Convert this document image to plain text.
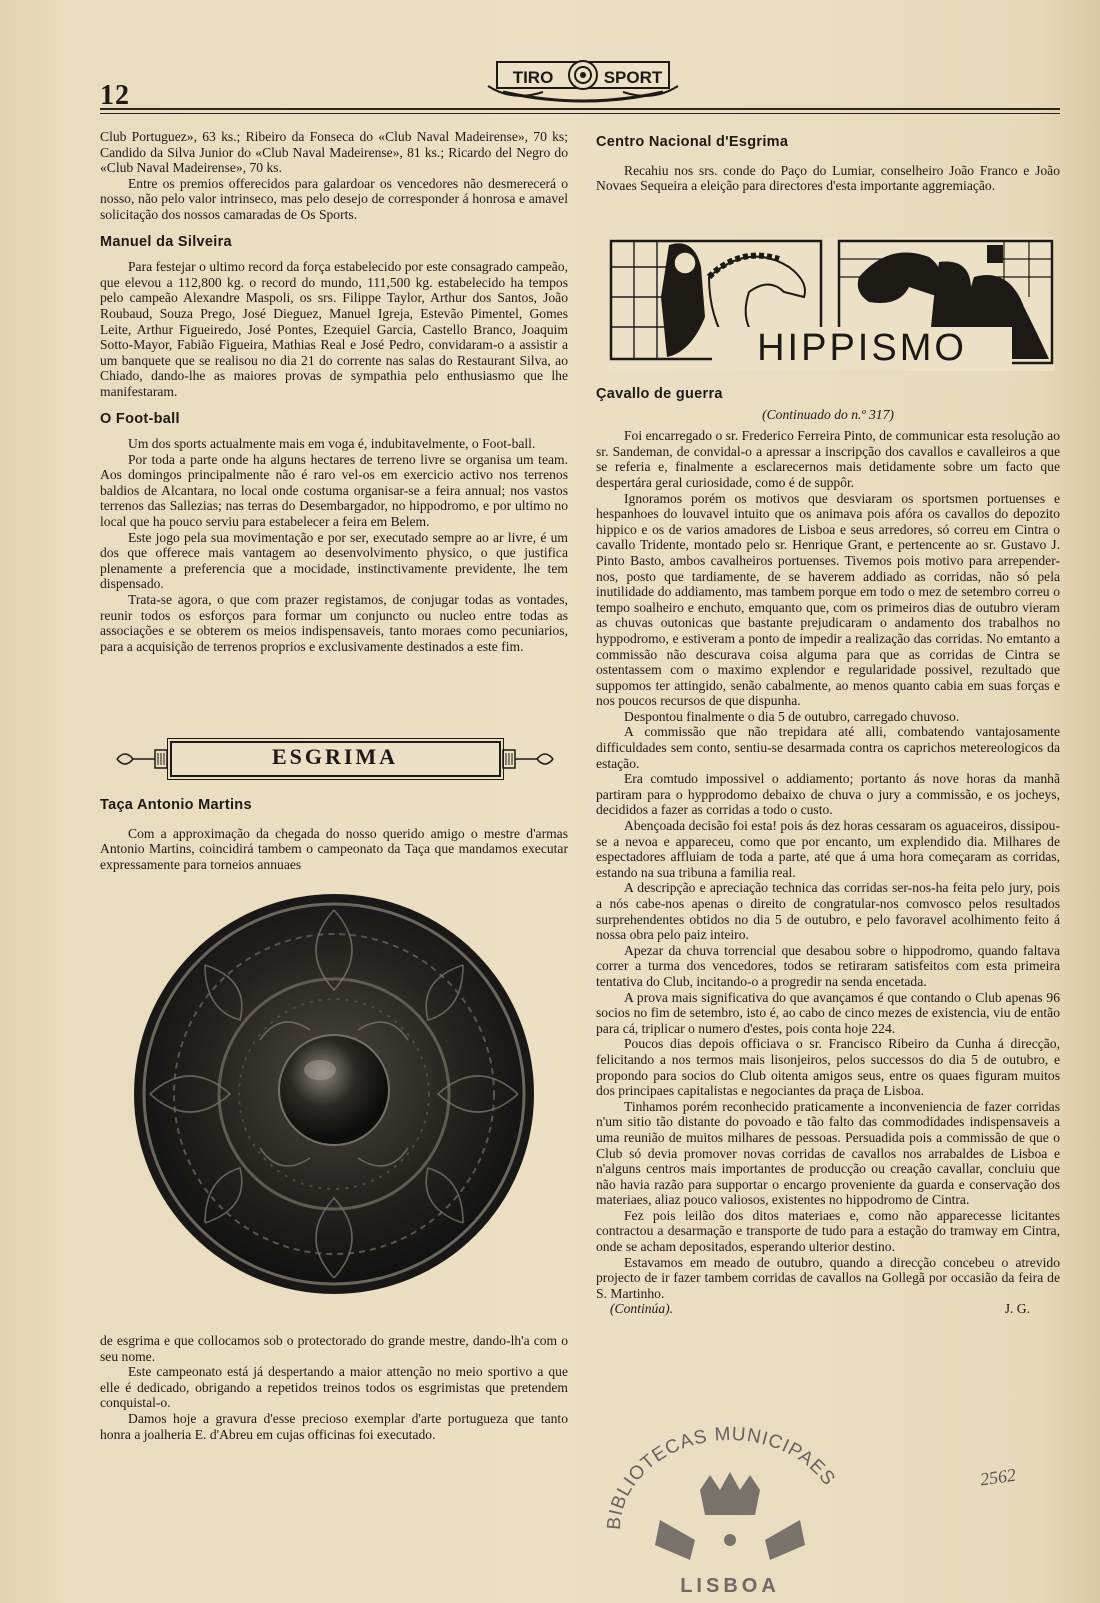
12
TIRO	SPORT

Club Portuguez», 63 ks.; Ribeiro da Fonseca do «Club Naval Madeirense», 70 ks; Candido da Silva Junior do «Club Naval Madeirense», 81 ks.; Ricardo del Negro do «Club Naval Madeirense», 70 ks.

Entre os premios offerecidos para galardoar os vencedores não desmerecerá o nosso, não pelo valor intrinseco, mas pelo desejo de corresponder á honrosa e amavel solicitação dos nossos camaradas de Os Sports.

Manuel da Silveira

Para festejar o ultimo record da força estabelecido por este consagrado campeão, que elevou a 112,800 kg. o record do mundo, 111,500 kg. estabelecido ha tempos pelo campeão Alexandre Maspoli, os srs. Filippe Taylor, Arthur dos Santos, João Roubaud, Souza Prego, José Dieguez, Manuel Igreja, Estevão Pimentel, Gomes Leite, Arthur Figueiredo, José Pontes, Ezequiel Garcia, Castello Branco, Joaquim Sotto-Mayor, Fabião Figueira, Mathias Real e José Pedro, convidaram-o a assistir a um banquete que se realisou no dia 21 do corrente nas salas do Restaurant Silva, ao Chiado, dando-lhe as maiores provas de sympathia pelo enthusiasmo que lhe manifestaram.

O Foot-ball

Um dos sports actualmente mais em voga é, indubitavelmente, o Foot-ball.

Por toda a parte onde ha alguns hectares de terreno livre se organisa um team. Aos domingos principalmente não é raro vel-os em exercicio activo nos terrenos baldios de Alcantara, no local onde costuma organisar-se a feira annual; nos vastos terrenos das Sallezias; nas terras do Desembargador, no hippodromo, e por ultimo no local que ha pouco serviu para estabelecer a feira em Belem.

Este jogo pela sua movimentação e por ser, executado sempre ao ar livre, é um dos que offerece mais vantagem ao desenvolvimento physico, o que justifica plenamente a preferencia que a mocidade, instinctivamente previdente, lhe tem dispensado.

Trata-se agora, o que com prazer registamos, de conjugar todas as vontades, reunir todos os esforços para formar um conjuncto ou nucleo entre todas as associações e se obterem os meios indispensaveis, tanto moraes como pecuniarios, para a acquisição de terrenos proprios e exclusivamente destinados a este fim.

ESGRIMA
Taça Antonio Martins

Com a approximação da chegada do nosso querido amigo o mestre d'armas Antonio Martins, coincidirá tambem o campeonato da Taça que mandamos executar expressamente para torneios annuaes

de esgrima e que collocamos sob o protectorado do grande mestre, dando-lh'a com o seu nome.

Este campeonato está já despertando a maior attenção no meio sportivo a que elle é dedicado, obrigando a repetidos treinos todos os esgrimistas que pretendem conquistal-o.

Damos hoje a gravura d'esse precioso exemplar d'arte portugueza que tanto honra a joalheria E. d'Abreu em cujas officinas foi executado.

Centro Nacional d'Esgrima

Recahiu nos srs. conde do Paço do Lumiar, conselheiro João Franco e João Novaes Sequeira a eleição para directores d'esta importante aggremiação.

HIPPISMO
Çavallo de guerra
(Continuado do n.º 317)

Foi encarregado o sr. Frederico Ferreira Pinto, de communicar esta resolução ao sr. Sandeman, de convidal-o a apressar a inscripção dos cavallos e cavalleiros a que se referia e, finalmente a esclarecernos mais detidamente sobre um facto que despertára geral curiosidade, como é de suppôr.

Ignoramos porém os motivos que desviaram os sportsmen portuenses e hespanhoes do louvavel intuito que os animava pois afóra os cavallos do depozito hippico e os de varios amadores de Lisboa e seus arredores, só correu em Cintra o cavallo Tridente, montado pelo sr. Henrique Grant, e pertencente ao sr. Gustavo J. Pinto Basto, ambos cavalheiros portuenses. Tivemos pois motivo para arrepender-nos, posto que tardiamente, de se haverem addiado as corridas, não só pela inutilidade do addiamento, mas tambem porque em todo o mez de setembro correu o tempo soalheiro e enchuto, emquanto que, com os primeiros dias de outubro vieram as chuvas outonicas que bastante prejudicaram o andamento dos trabalhos no hyppodromo, e estiveram a ponto de impedir a realização das corridas. No emtanto a commissão não descurava coisa alguma para que as corridas de Cintra se ostentassem com o maximo explendor e regularidade possivel, rezultado que suppomos ter attingido, senão cabalmente, ao menos quanto cabia em suas forças e nos poucos recursos de que dispunha.

Despontou finalmente o dia 5 de outubro, carregado chuvoso.

A commissão que não trepidara até alli, combatendo vantajosamente difficuldades sem conto, sentiu-se desarmada contra os caprichos metereologicos da estação.

Era comtudo impossivel o addiamento; portanto ás nove horas da manhã partiram para o hypprodomo debaixo de chuva o jury a commissão, e os jocheys, decididos a fazer as corridas a todo o custo.

Abençoada decisão foi esta! pois ás dez horas cessaram os aguaceiros, dissipou-se a nevoa e appareceu, como que por encanto, um explendido dia. Milhares de espectadores affluiam de toda a parte, até que á uma hora começaram as corridas, estando na sua tribuna a familia real.

A descripção e apreciação technica das corridas ser-nos-ha feita pelo jury, pois a nós cabe-nos apenas o direito de congratular-nos comvosco pelos resultados surprehendentes obtidos no dia 5 de outubro, e pelo favoravel acolhimento feito á nossa obra pelo paiz inteiro.

Apezar da chuva torrencial que desabou sobre o hippodromo, quando faltava correr a turma dos vencedores, todos se retiraram satisfeitos com esta primeira tentativa do Club, incitando-o a progredir na senda encetada.

A prova mais significativa do que avançamos é que contando o Club apenas 96 socios no fim de setembro, isto é, ao cabo de cinco mezes de existencia, viu de então para cá, triplicar o numero d'estes, pois conta hoje 224.

Poucos dias depois officiava o sr. Francisco Ribeiro da Cunha á direcção, felicitando a nos termos mais lisonjeiros, pelos successos do dia 5 de outubro, e propondo para socios do Club oitenta amigos seus, entre os quaes figuram muitos dos principaes capitalistas e negociantes da praça de Lisboa.

Tinhamos porém reconhecido praticamente a inconveniencia de fazer corridas n'um sitio tão distante do povoado e tão falto das commodidades indispensaveis a uma reunião de muitos milhares de pessoas. Persuadida pois a commissão de que o Club só devia promover novas corridas de cavallos nos arrabaldes de Lisboa e n'alguns centros mais importantes de producção ou creação cavallar, concluiu que não havia razão para supportar o encargo proveniente da guarda e conservação dos materiaes, aliaz pouco valiosos, existentes no hippodromo de Cintra.

Fez pois leilão dos ditos materiaes e, como não apparecesse licitantes contractou a desarmação e transporte de tudo para a estação do tramway em Cintra, onde se acham depositados, esperando ulterior destino.

Estavamos em meado de outubro, quando a direcção concebeu o atrevido projecto de ir fazer tambem corridas de cavallos na Gollegã por occasião da feira de S. Martinho.

(Continúa).	J. G.
BIBLIOTECAS MUNICIPAES
LISBOA
2562
